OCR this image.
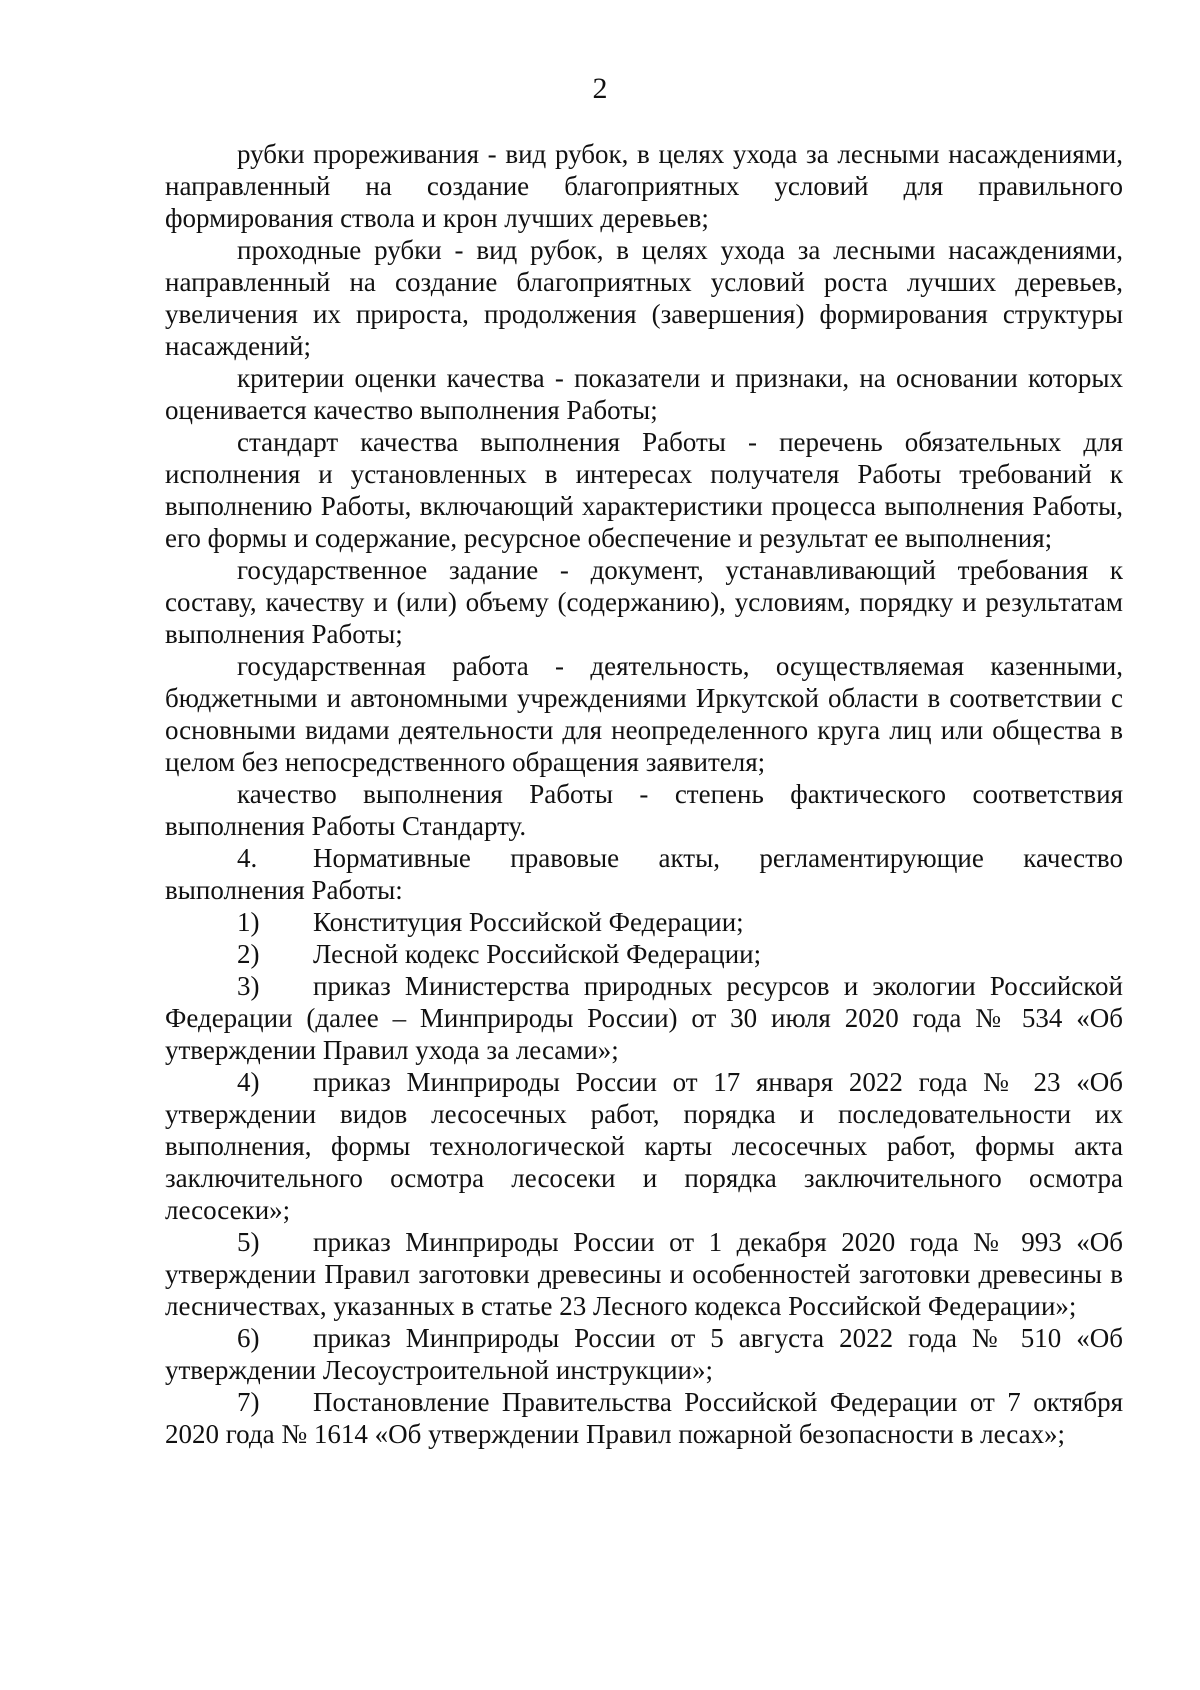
2

рубки прореживания - вид рубок, в целях ухода за лесными насаждениями, направленный на создание благоприятных условий для правильного формирования ствола и крон лучших деревьев;

проходные рубки - вид рубок, в целях ухода за лесными насаждениями, направленный на создание благоприятных условий роста лучших деревьев, увеличения их прироста, продолжения (завершения) формирования структуры насаждений;

критерии оценки качества - показатели и признаки, на основании которых оценивается качество выполнения Работы;

стандарт качества выполнения Работы - перечень обязательных для исполнения и установленных в интересах получателя Работы требований к выполнению Работы, включающий характеристики процесса выполнения Работы, его формы и содержание, ресурсное обеспечение и результат ее выполнения;

государственное задание - документ, устанавливающий требования к составу, качеству и (или) объему (содержанию), условиям, порядку и результатам выполнения Работы;

государственная работа - деятельность, осуществляемая казенными, бюджетными и автономными учреждениями Иркутской области в соответствии с основными видами деятельности для неопределенного круга лиц или общества в целом без непосредственного обращения заявителя;

качество выполнения Работы - степень фактического соответствия выполнения Работы Стандарту.

4. Нормативные правовые акты, регламентирующие качество выполнения Работы:

1) Конституция Российской Федерации;

2) Лесной кодекс Российской Федерации;

3) приказ Министерства природных ресурсов и экологии Российской Федерации (далее – Минприроды России) от 30 июля 2020 года № 534 «Об утверждении Правил ухода за лесами»;

4) приказ Минприроды России от 17 января 2022 года № 23 «Об утверждении видов лесосечных работ, порядка и последовательности их выполнения, формы технологической карты лесосечных работ, формы акта заключительного осмотра лесосеки и порядка заключительного осмотра лесосеки»;

5) приказ Минприроды России от 1 декабря 2020 года № 993 «Об утверждении Правил заготовки древесины и особенностей заготовки древесины в лесничествах, указанных в статье 23 Лесного кодекса Российской Федерации»;

6) приказ Минприроды России от 5 августа 2022 года № 510 «Об утверждении Лесоустроительной инструкции»;

7) Постановление Правительства Российской Федерации от 7 октября 2020 года № 1614 «Об утверждении Правил пожарной безопасности в лесах»;
